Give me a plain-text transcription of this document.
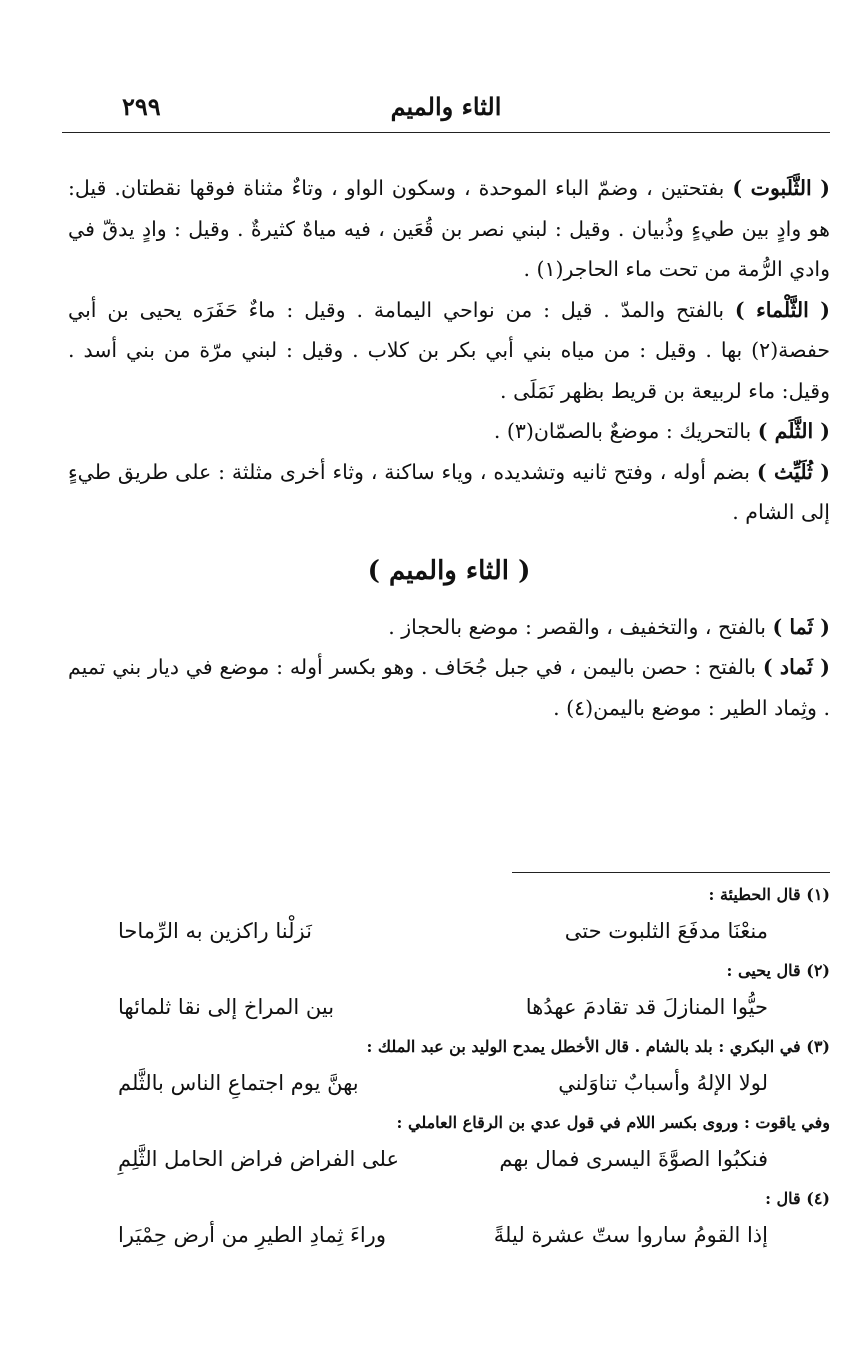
٢٩٩	الثاء والميم

( الثَّلَبوت ) بفتحتين ، وضمّ الباء الموحدة ، وسكون الواو ، وتاءٌ مثناة فوقها نقطتان. قيل: هو وادٍ بين طيءٍ وذُبيان . وقيل : لبني نصر بن قُعَين ، فيه مياهٌ كثيرةٌ . وقيل : وادٍ يدقّ في وادي الرُّمة من تحت ماء الحاجر(١) .

( الثَّلْماء ) بالفتح والمدّ . قيل : من نواحي اليمامة . وقيل : ماءٌ حَفَرَه يحيى بن أبي حفصة(٢) بها . وقيل : من مياه بني أبي بكر بن كلاب . وقيل : لبني مرّة من بني أسد . وقيل: ماء لربيعة بن قريط بظهر نَمَلَى .

( الثَّلَم ) بالتحريك : موضعٌ بالصمّان(٣) .

( ثُلَيِّث ) بضم أوله ، وفتح ثانيه وتشديده ، وياء ساكنة ، وثاء أخرى مثلثة : على طريق طيءٍ إلى الشام .

( الثاء والميم )

( ثَما ) بالفتح ، والتخفيف ، والقصر : موضع بالحجاز .

( ثَماد ) بالفتح : حصن باليمن ، في جبل جُحَاف . وهو بكسر أوله : موضع في ديار بني تميم . وثِماد الطير : موضع باليمن(٤) .

(١) قال الحطيئة :

منعْنَا مدفَعَ الثلبوت حتى
نَزلْنا راكزين به الرِّماحا

(٢) قال يحيى :

حيُّوا المنازلَ قد تقادمَ عهدُها
بين المراخ إلى نقا ثلمائها

(٣) في البكري : بلد بالشام . قال الأخطل يمدح الوليد بن عبد الملك :

لولا الإلهُ وأسبابٌ تناوَلني
بهنَّ يوم اجتماعِ الناس بالثَّلم

وفي ياقوت : وروى بكسر اللام في قول عدي بن الرقاع العاملي :

فنكبُوا الصوَّةَ اليسرى فمال بهم
على الفراض فراض الحامل الثَّلِمِ

(٤) قال :

إذا القومُ ساروا ستّ عشرة ليلةً
وراءَ ثِمادِ الطيرِ من أرض حِمْيَرا
